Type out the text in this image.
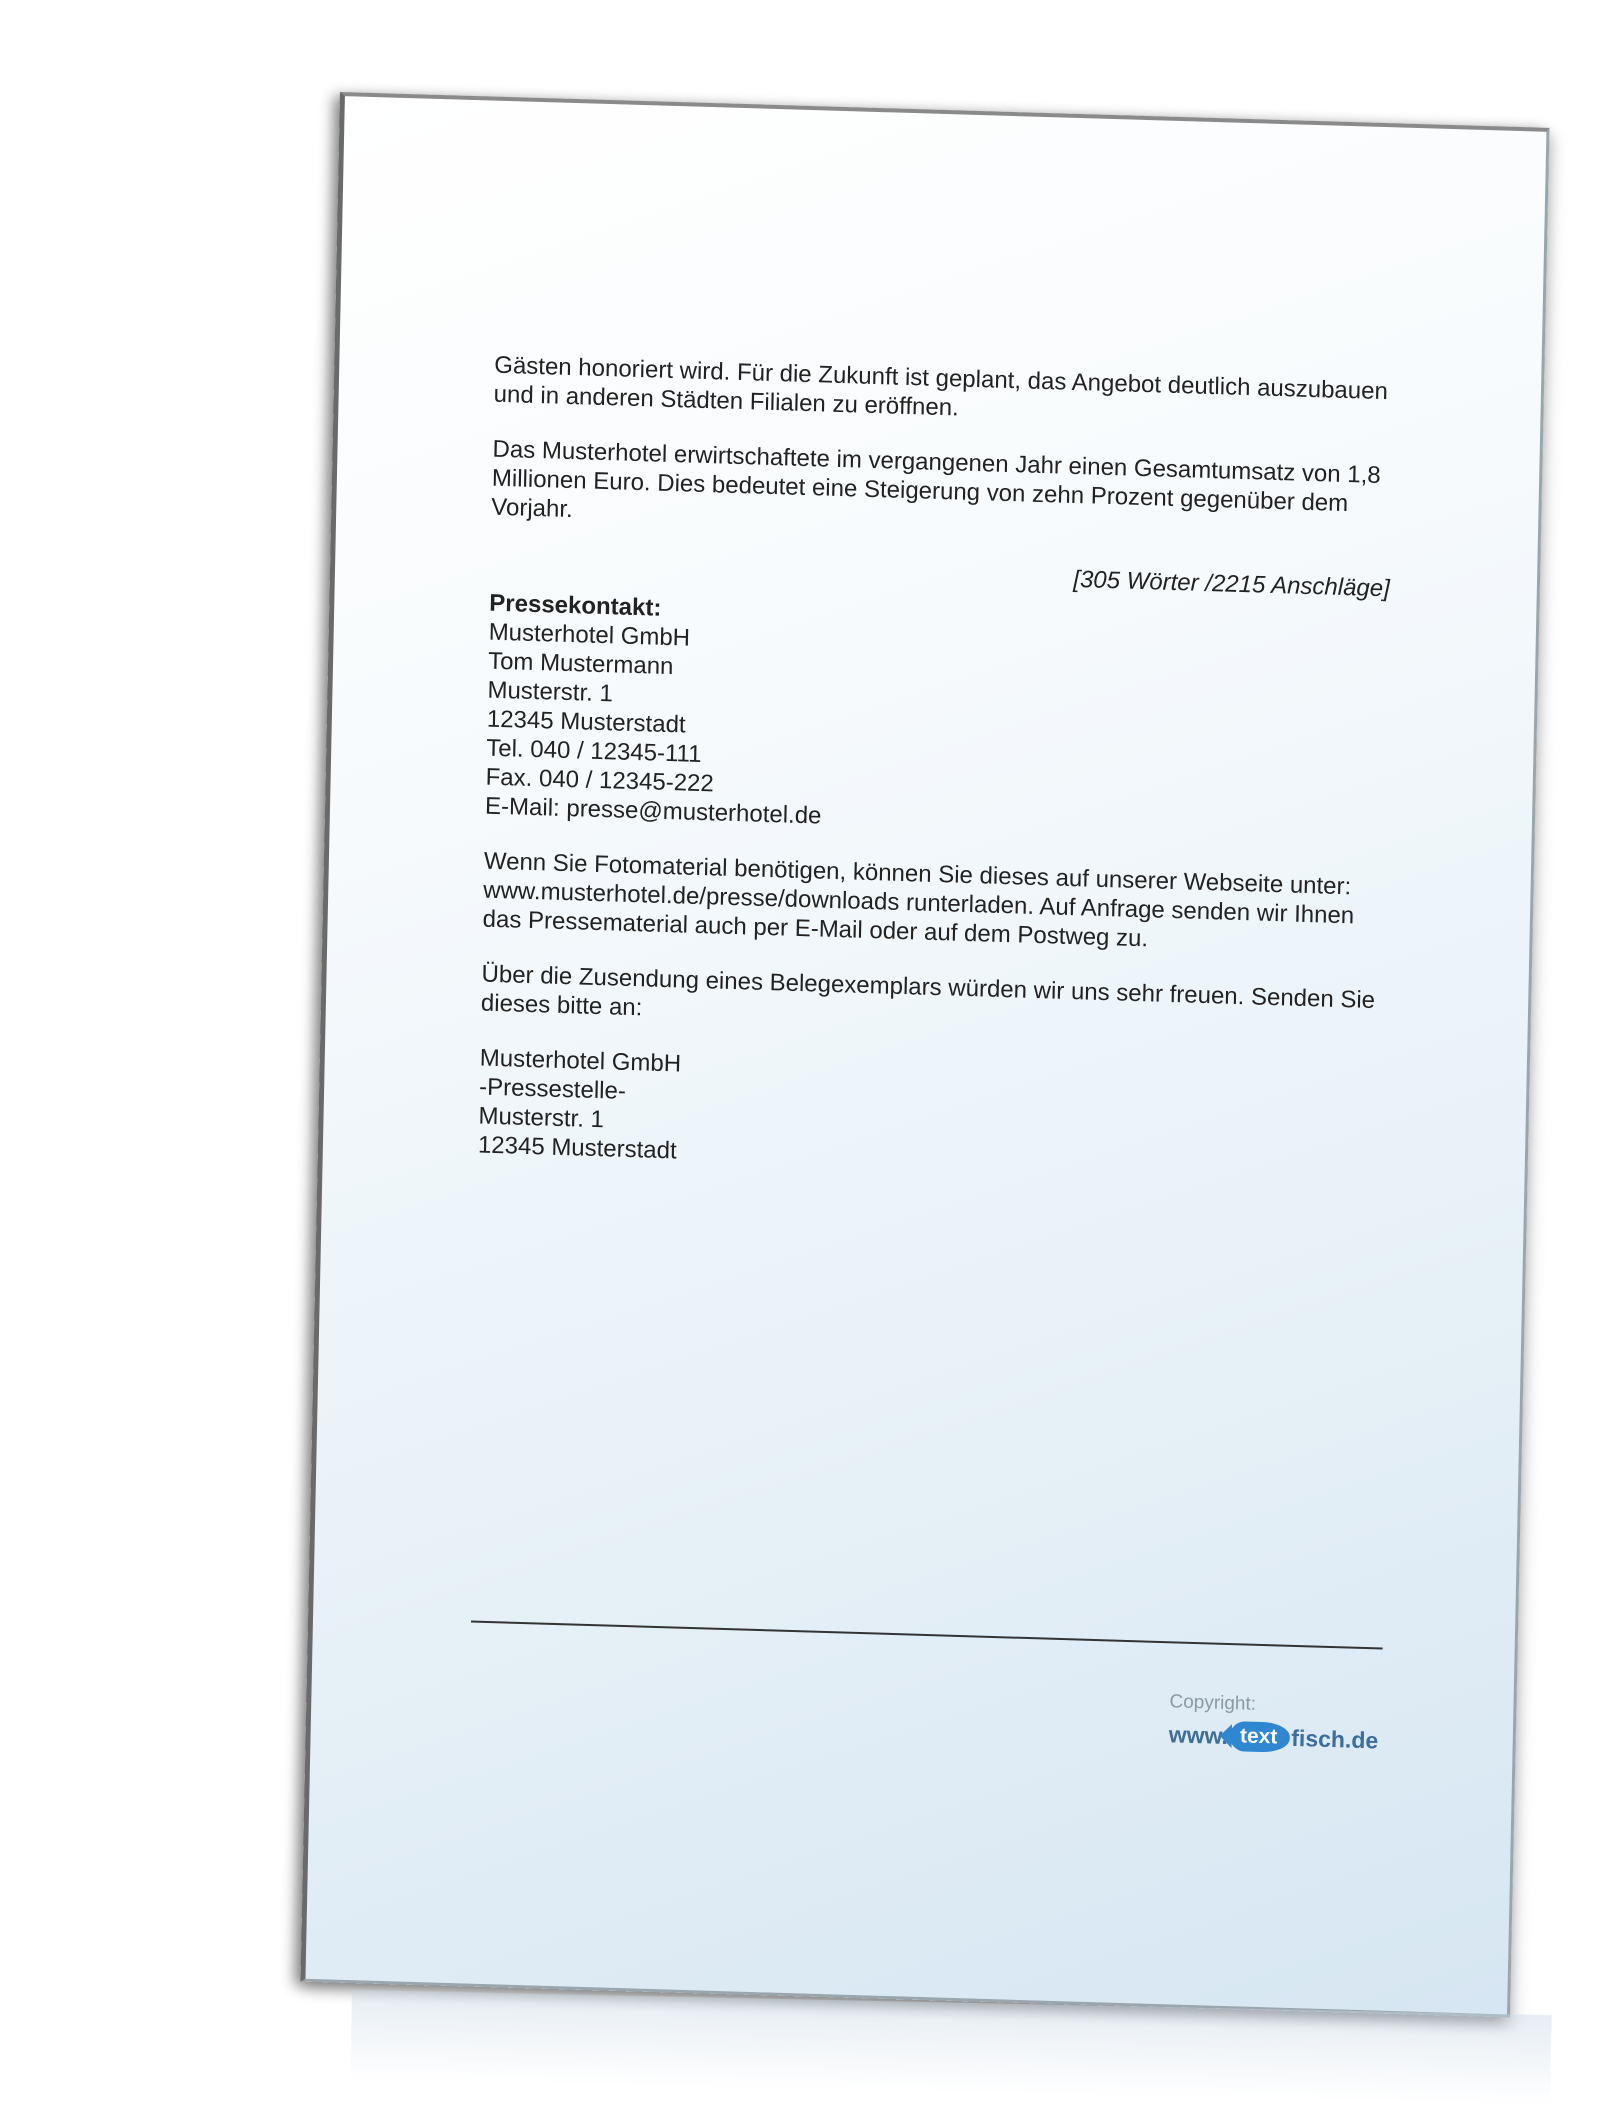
Gästen honoriert wird. Für die Zukunft ist geplant, das Angebot deutlich auszubauen und in anderen Städten Filialen zu eröffnen.

Das Musterhotel erwirtschaftete im vergangenen Jahr einen Gesamtumsatz von 1,8 Millionen Euro. Dies bedeutet eine Steigerung von zehn Prozent gegenüber dem Vorjahr.

[305 Wörter /2215 Anschläge]

Pressekontakt:
Musterhotel GmbH
Tom Mustermann
Musterstr. 1
12345 Musterstadt
Tel. 040 / 12345-111
Fax. 040 / 12345-222
E-Mail: presse@musterhotel.de

Wenn Sie Fotomaterial benötigen, können Sie dieses auf unserer Webseite unter: www.musterhotel.de/presse/downloads runterladen. Auf Anfrage senden wir Ihnen das Pressematerial auch per E-Mail oder auf dem Postweg zu.

Über die Zusendung eines Belegexemplars würden wir uns sehr freuen. Senden Sie dieses bitte an:

Musterhotel GmbH
-Pressestelle-
Musterstr. 1
12345 Musterstadt

Copyright:
www. text fisch.de
